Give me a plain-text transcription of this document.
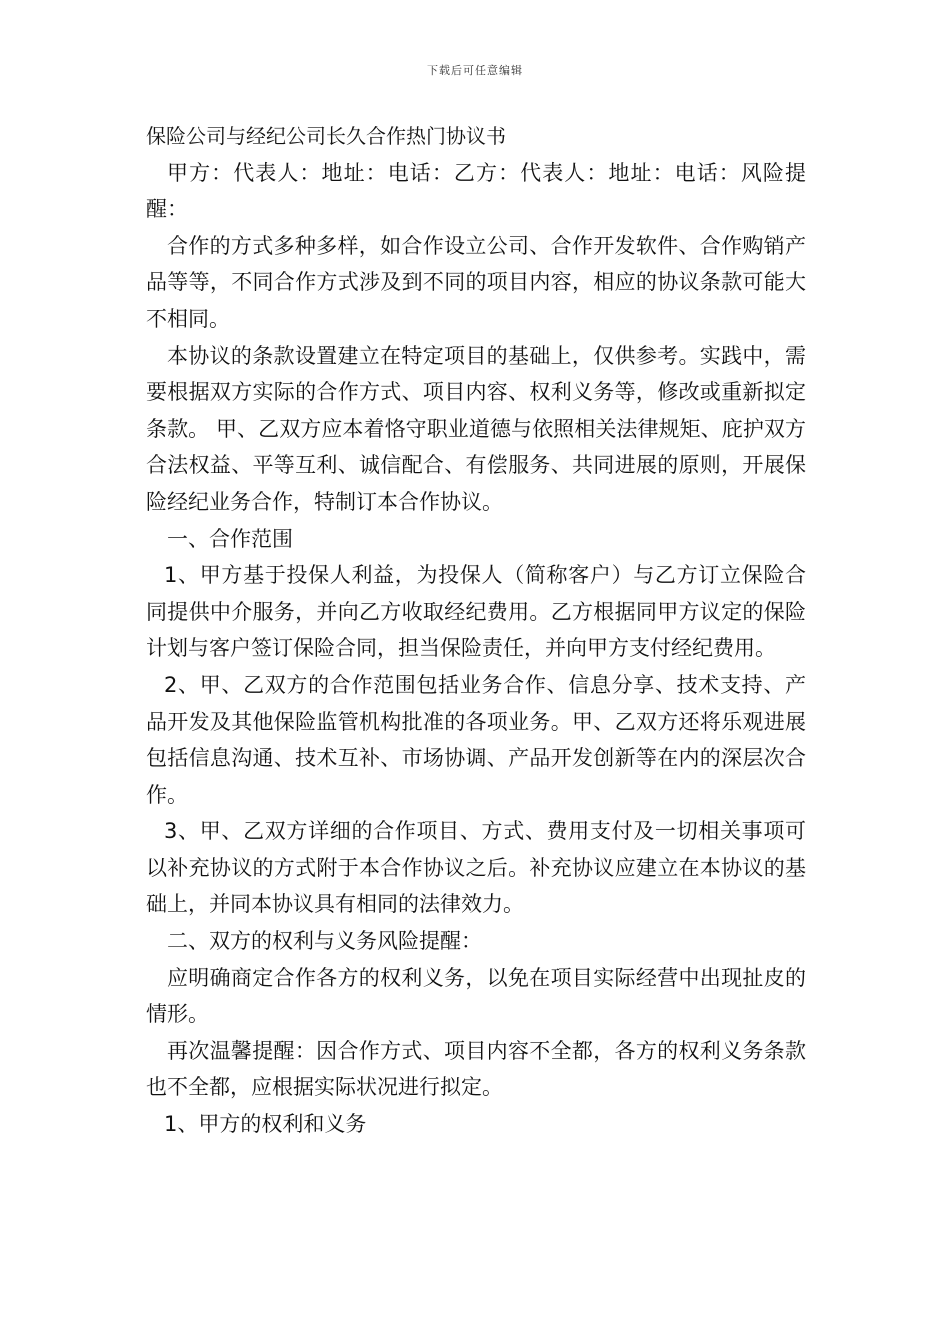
下载后可任意编辑

保险公司与经纪公司长久合作热门协议书

甲方：代表人：地址：电话：乙方：代表人：地址：电话：风险提醒：

合作的方式多种多样，如合作设立公司、合作开发软件、合作购销产品等等，不同合作方式涉及到不同的项目内容，相应的协议条款可能大不相同。

本协议的条款设置建立在特定项目的基础上，仅供参考。实践中，需要根据双方实际的合作方式、项目内容、权利义务等，修改或重新拟定条款。 甲、乙双方应本着恪守职业道德与依照相关法律规矩、庇护双方合法权益、平等互利、诚信配合、有偿服务、共同进展的原则，开展保险经纪业务合作，特制订本合作协议。

一、合作范围

1、甲方基于投保人利益，为投保人（简称客户）与乙方订立保险合同提供中介服务，并向乙方收取经纪费用。乙方根据同甲方议定的保险计划与客户签订保险合同，担当保险责任，并向甲方支付经纪费用。

2、甲、乙双方的合作范围包括业务合作、信息分享、技术支持、产品开发及其他保险监管机构批准的各项业务。甲、乙双方还将乐观进展包括信息沟通、技术互补、市场协调、产品开发创新等在内的深层次合作。

3、甲、乙双方详细的合作项目、方式、费用支付及一切相关事项可以补充协议的方式附于本合作协议之后。补充协议应建立在本协议的基础上，并同本协议具有相同的法律效力。

二、双方的权利与义务风险提醒：

应明确商定合作各方的权利义务，以免在项目实际经营中出现扯皮的情形。

再次温馨提醒：因合作方式、项目内容不全都，各方的权利义务条款也不全都，应根据实际状况进行拟定。

1、甲方的权利和义务
